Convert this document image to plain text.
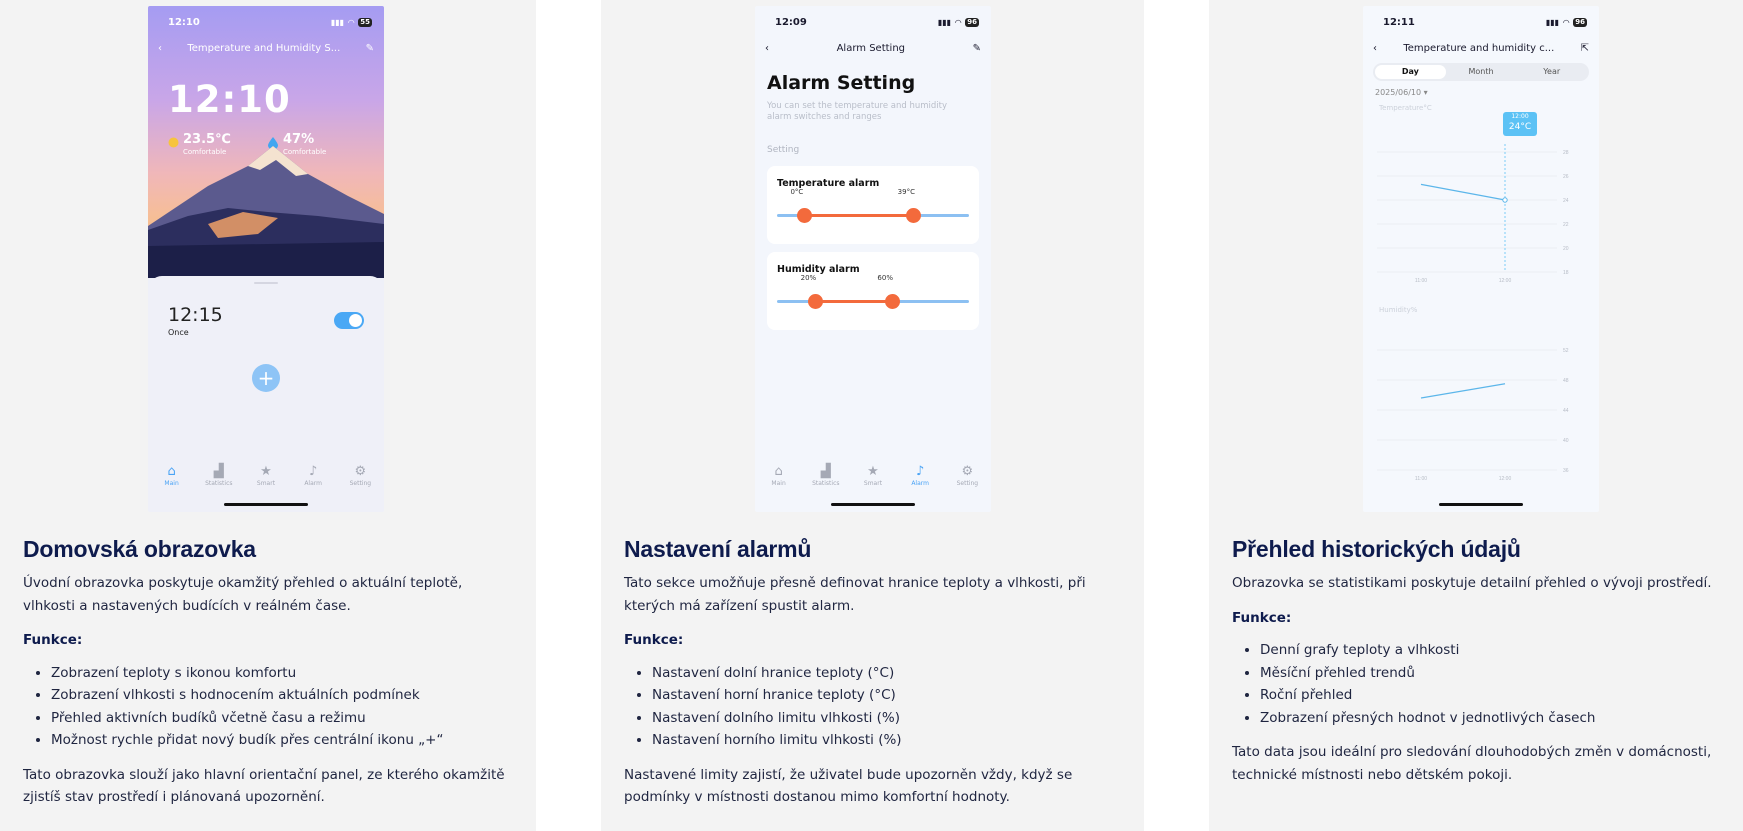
12:10	▮▮▮ ◠ 55
‹	Temperature and Humidity S...	✎
12:10
23.5℃
Comfortable
47%
Comfortable
12:15
Once
+
⌂
Main
▟
Statistics
★
Smart
♪
Alarm
⚙
Setting
Domovská obrazovka

Úvodní obrazovka poskytuje okamžitý přehled o aktuální teplotě, vlhkosti a nastavených budících v reálném čase.

Funkce:

• Zobrazení teploty s ikonou komfortu
• Zobrazení vlhkosti s hodnocením aktuálních podmínek
• Přehled aktivních budíků včetně času a režimu
• Možnost rychle přidat nový budík přes centrální ikonu „+“

Tato obrazovka slouží jako hlavní orientační panel, ze kterého okamžitě zjistíš stav prostředí i plánovaná upozornění.

12:09	▮▮▮ ◠ 96
‹	Alarm Setting	✎
Alarm Setting
You can set the temperature and humidity alarm switches and ranges
Setting
Temperature alarm
0°C	39°C
Humidity alarm
20%	60%
⌂
Main
▟
Statistics
★
Smart
♪
Alarm
⚙
Setting
Nastavení alarmů

Tato sekce umožňuje přesně definovat hranice teploty a vlhkosti, při kterých má zařízení spustit alarm.

Funkce:

• Nastavení dolní hranice teploty (°C)
• Nastavení horní hranice teploty (°C)
• Nastavení dolního limitu vlhkosti (%)
• Nastavení horního limitu vlhkosti (%)

Nastavené limity zajistí, že uživatel bude upozorněn vždy, když se podmínky v místnosti dostanou mimo komfortní hodnoty.

12:11	▮▮▮ ◠ 96
‹	Temperature and humidity c...	⇱
Day	Month	Year
2025/06/10 ▾
Temperature°C
Humidity%
18
20
22
24
26
28
11:00	12:00
36
40
44
48
52
11:00	12:00
12:00
24°C
Přehled historických údajů

Obrazovka se statistikami poskytuje detailní přehled o vývoji prostředí.

Funkce:

• Denní grafy teploty a vlhkosti
• Měsíční přehled trendů
• Roční přehled
• Zobrazení přesných hodnot v jednotlivých časech

Tato data jsou ideální pro sledování dlouhodobých změn v domácnosti, technické místnosti nebo dětském pokoji.
